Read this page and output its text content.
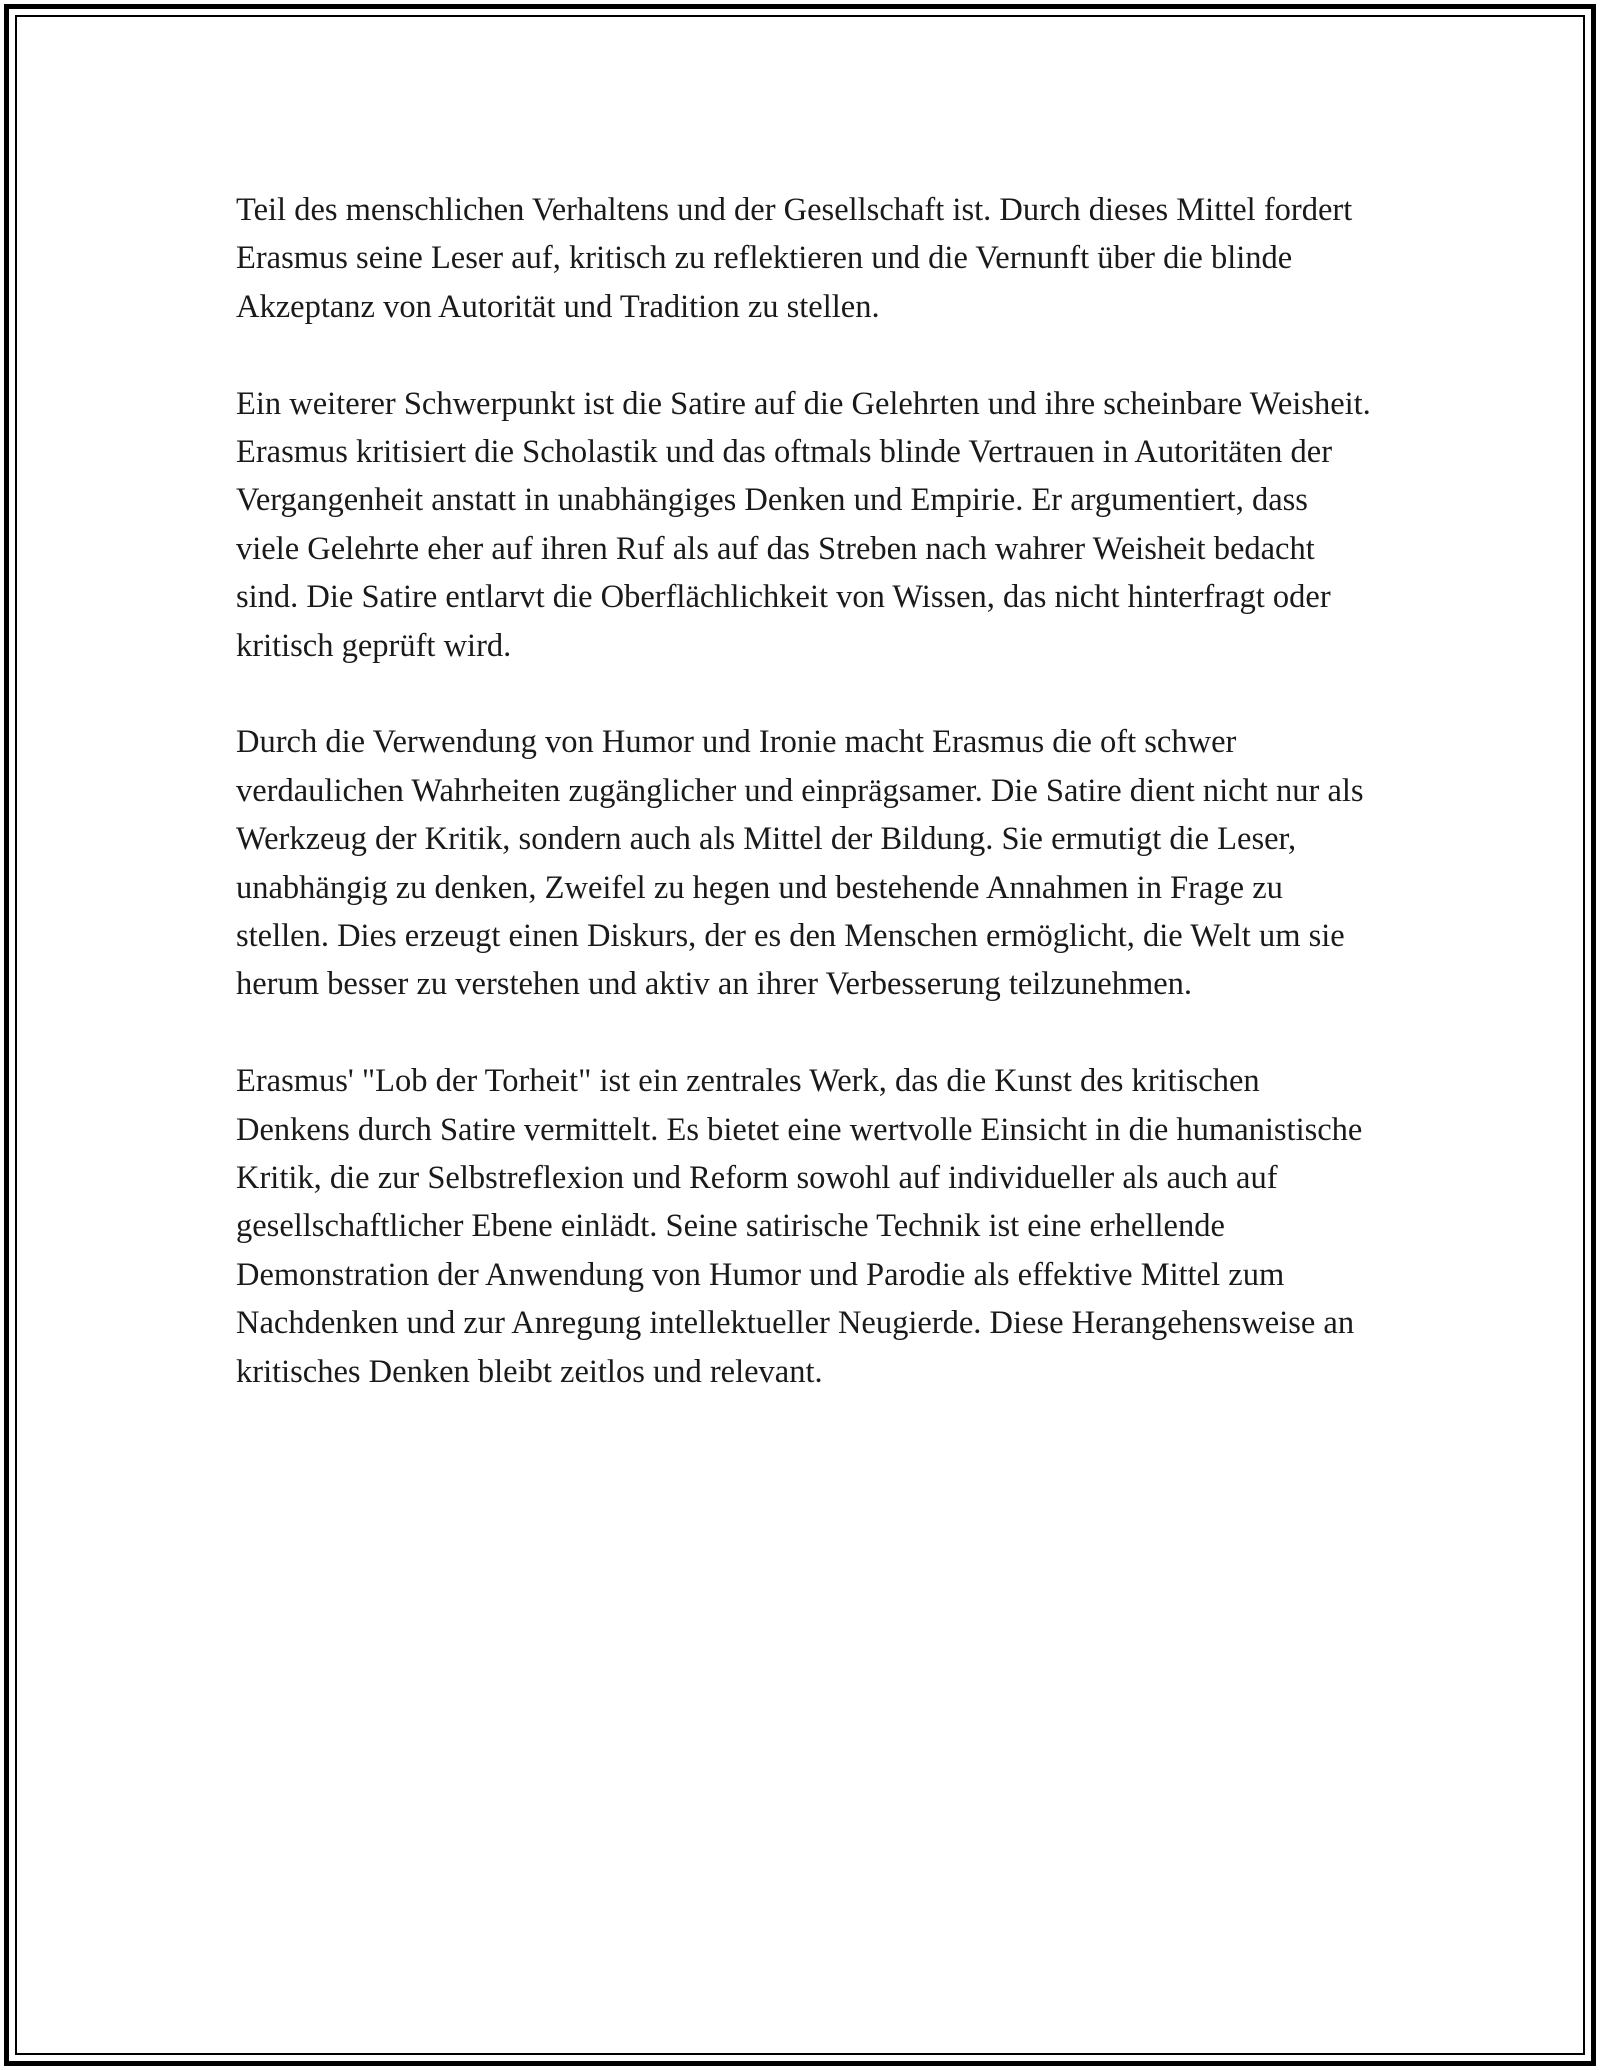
Teil des menschlichen Verhaltens und der Gesellschaft ist. Durch dieses Mittel fordert Erasmus seine Leser auf, kritisch zu reflektieren und die Vernunft über die blinde Akzeptanz von Autorität und Tradition zu stellen.

Ein weiterer Schwerpunkt ist die Satire auf die Gelehrten und ihre scheinbare Weisheit. Erasmus kritisiert die Scholastik und das oftmals blinde Vertrauen in Autoritäten der Vergangenheit anstatt in unabhängiges Denken und Empirie. Er argumentiert, dass viele Gelehrte eher auf ihren Ruf als auf das Streben nach wahrer Weisheit bedacht sind. Die Satire entlarvt die Oberflächlichkeit von Wissen, das nicht hinterfragt oder kritisch geprüft wird.

Durch die Verwendung von Humor und Ironie macht Erasmus die oft schwer verdaulichen Wahrheiten zugänglicher und einprägsamer. Die Satire dient nicht nur als Werkzeug der Kritik, sondern auch als Mittel der Bildung. Sie ermutigt die Leser, unabhängig zu denken, Zweifel zu hegen und bestehende Annahmen in Frage zu stellen. Dies erzeugt einen Diskurs, der es den Menschen ermöglicht, die Welt um sie herum besser zu verstehen und aktiv an ihrer Verbesserung teilzunehmen.

Erasmus' "Lob der Torheit" ist ein zentrales Werk, das die Kunst des kritischen Denkens durch Satire vermittelt. Es bietet eine wertvolle Einsicht in die humanistische Kritik, die zur Selbstreflexion und Reform sowohl auf individueller als auch auf gesellschaftlicher Ebene einlädt. Seine satirische Technik ist eine erhellende Demonstration der Anwendung von Humor und Parodie als effektive Mittel zum Nachdenken und zur Anregung intellektueller Neugierde. Diese Herangehensweise an kritisches Denken bleibt zeitlos und relevant.
